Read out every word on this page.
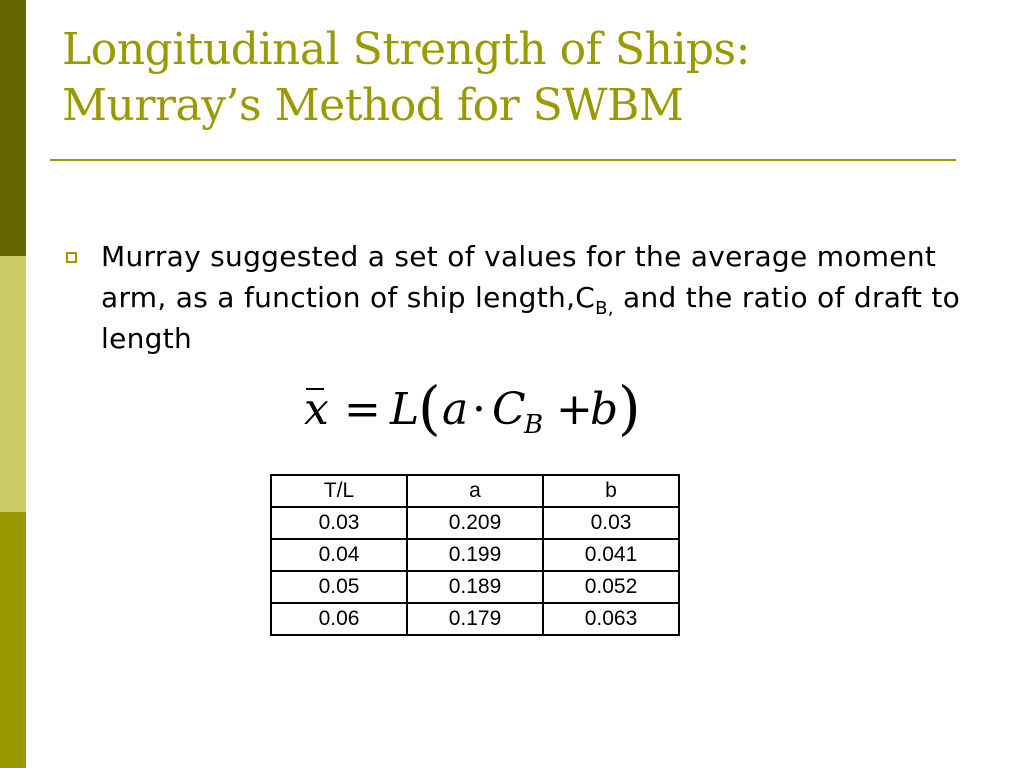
Longitudinal Strength of Ships:
Murray’s Method for SWBM

Murray suggested a set of values for the average moment arm, as a function of ship $length,C_{B,}$ and the ratio of draft to length

x = L
( a · C
B +
b )
T/L	a	b
0.03	0.209	0.03
0.04	0.199	0.041
0.05	0.189	0.052
0.06	0.179	0.063
